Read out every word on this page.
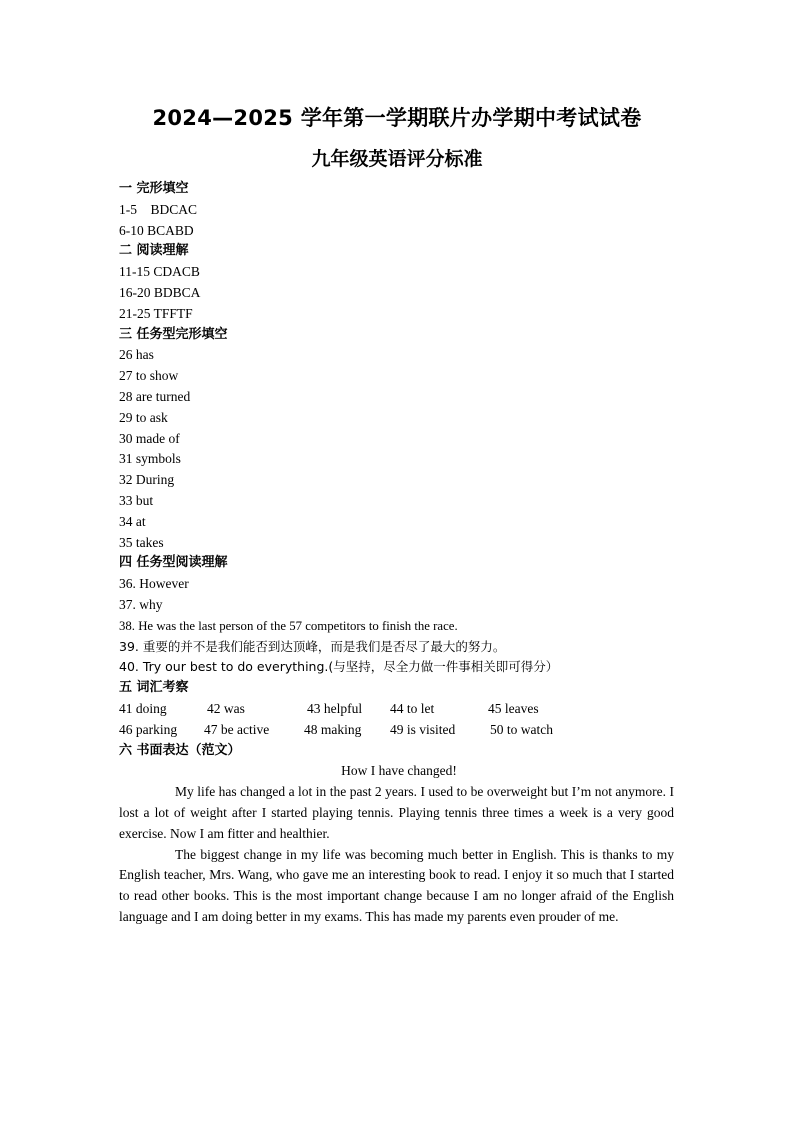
2024—2025 学年第一学期联片办学期中考试试卷
九年级英语评分标准
一 完形填空
1-5    BDCAC
6-10 BCABD
二 阅读理解
11-15 CDACB
16-20 BDBCA
21-25 TFFTF
三 任务型完形填空
26 has
27 to show
28 are turned
29 to ask
30 made of
31 symbols
32 During
33 but
34 at
35 takes
四 任务型阅读理解
36. However
37. why
38. He was the last person of the 57 competitors to finish the race.
39. 重要的并不是我们能否到达顶峰，而是我们是否尽了最大的努力。
40. Try our best to do everything.(与坚持，尽全力做一件事相关即可得分）
五 词汇考察
41 doing	42 was	43 helpful 44 to let	45 leaves
46 parking 47 be active	48 making 49 is visited	50 to watch
六 书面表达（范文）
How I have changed!

My life has changed a lot in the past 2 years. I used to be overweight but I’m not anymore. I lost a lot of weight after I started playing tennis. Playing tennis three times a week is a very good exercise. Now I am fitter and healthier.

The biggest change in my life was becoming much better in English. This is thanks to my English teacher, Mrs. Wang, who gave me an interesting book to read. I enjoy it so much that I started to read other books. This is the most important change because I am no longer afraid of the English language and I am doing better in my exams. This has made my parents even prouder of me.
